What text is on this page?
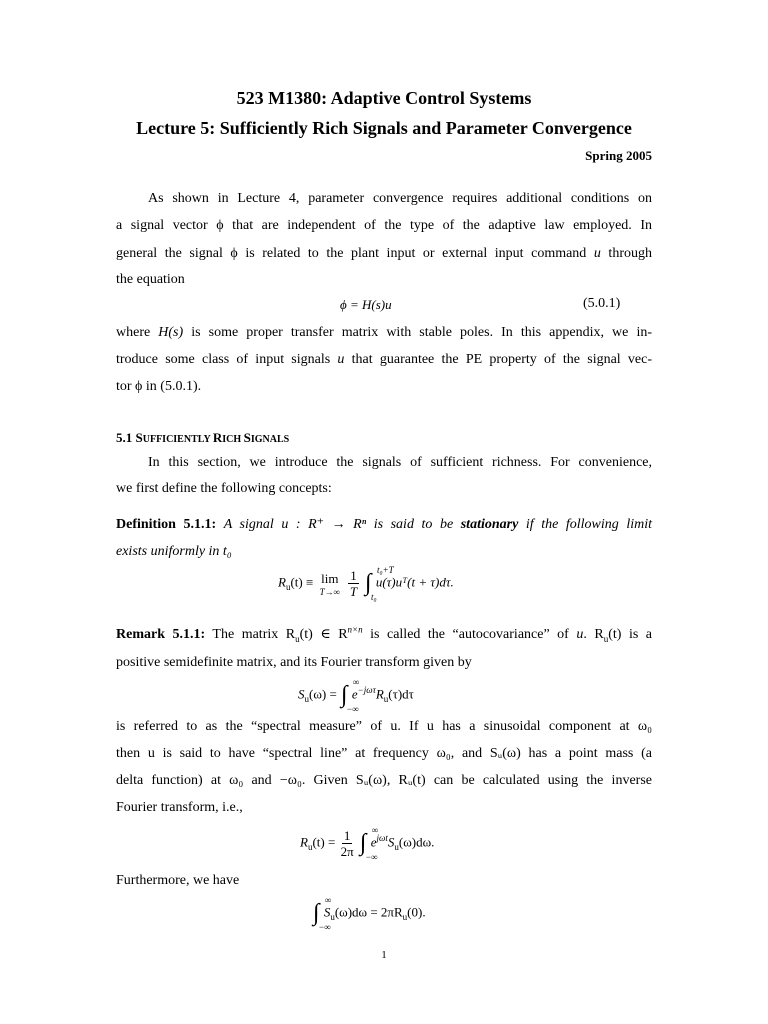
523 M1380: Adaptive Control Systems
Lecture 5: Sufficiently Rich Signals and Parameter Convergence
Spring 2005
As shown in Lecture 4, parameter convergence requires additional conditions on
a signal vector ϕ that are independent of the type of the adaptive law employed. In
general the signal ϕ is related to the plant input or external input command u through
the equation
ϕ = H(s)u	(5.0.1)
where H(s) is some proper transfer matrix with stable poles. In this appendix, we in-
troduce some class of input signals u that guarantee the PE property of the signal vec-
tor ϕ in (5.0.1).
5.1 SUFFICIENTLY RICH SIGNALS
In this section, we introduce the signals of sufficient richness. For convenience,
we first define the following concepts:
Definition 5.1.1: A signal u : R⁺ → Rⁿ is said to be stationary if the following limit
exists uniformly in t₀
$R_u(t) \equiv \lim$
T→∞
$\frac{1}{T}$ ∫ t₀+T
t₀
u(τ)uᵀ(t + τ)dτ.
Remark 5.1.1: The matrix $R_u(t)$ ∈ $R^{n\times n}$ is called the “autocovariance” of u. $R_u(t)$ is a
positive semidefinite matrix, and its Fourier transform given by
$S_u(\omega)$ = ∫ ∞
−∞
$e^{-j\omega\tau}R_u(\tau)d\tau$
is referred to as the “spectral measure” of u. If u has a sinusoidal component at ω₀
then u is said to have “spectral line” at frequency ω₀, and Sᵤ(ω) has a point mass (a
delta function) at ω₀ and −ω₀. Given Sᵤ(ω), Rᵤ(t) can be calculated using the inverse
Fourier transform, i.e.,
$R_u(t) = \frac{1}{2\pi}$ ∫ ∞
−∞
$e^{j\omega t}S_u(\omega)d\omega$.
Furthermore, we have
∫ ∞
−∞
$S_u(\omega)d\omega = 2\pi R_u(0)$.
1
